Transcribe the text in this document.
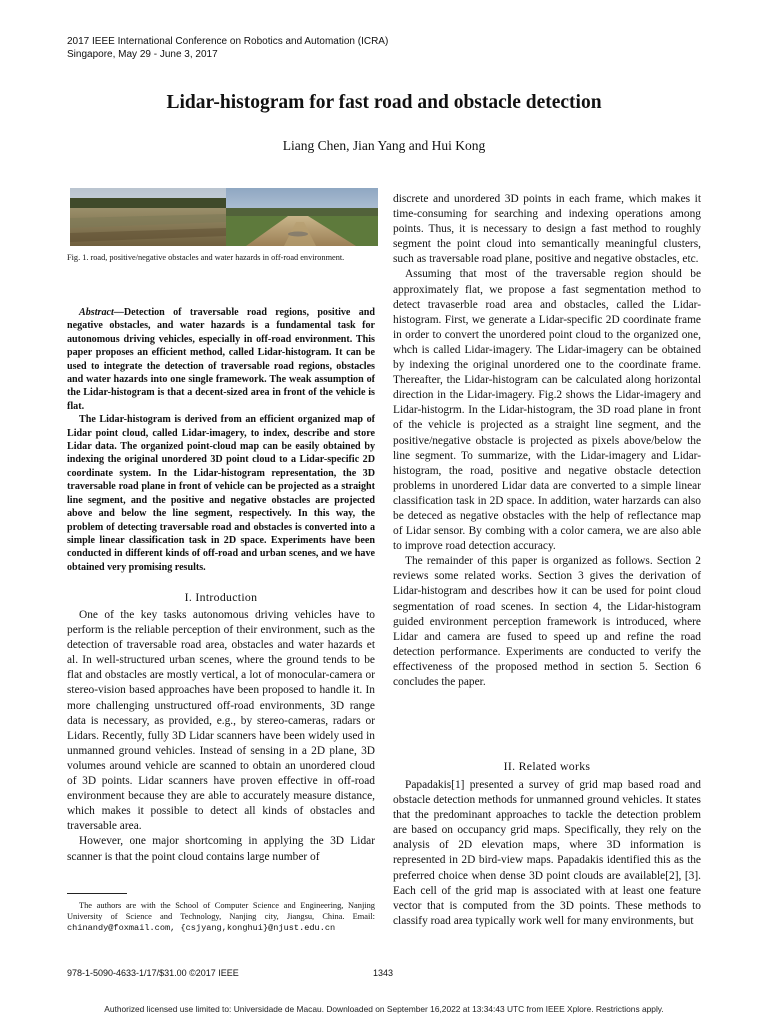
2017 IEEE International Conference on Robotics and Automation (ICRA)
Singapore, May 29 - June 3, 2017
Lidar-histogram for fast road and obstacle detection
Liang Chen, Jian Yang and Hui Kong
Fig. 1. road, positive/negative obstacles and water hazards in off-road environment.

Abstract—Detection of traversable road regions, positive and negative obstacles, and water hazards is a fundamental task for autonomous driving vehicles, especially in off-road environment. This paper proposes an efficient method, called Lidar-histogram. It can be used to integrate the detection of traversable road regions, obstacles and water hazards into one single framework. The weak assumption of the Lidar-histogram is that a decent-sized area in front of the vehicle is flat.

The Lidar-histogram is derived from an efficient organized map of Lidar point cloud, called Lidar-imagery, to index, describe and store Lidar data. The organized point-cloud map can be easily obtained by indexing the original unordered 3D point cloud to a Lidar-specific 2D coordinate system. In the Lidar-histogram representation, the 3D traversable road plane in front of vehicle can be projected as a straight line segment, and the positive and negative obstacles are projected above and below the line segment, respectively. In this way, the problem of detecting traversable road and obstacles is converted into a simple linear classification task in 2D space. Experiments have been conducted in different kinds of off-road and urban scenes, and we have obtained very promising results.

I. Introduction

One of the key tasks autonomous driving vehicles have to perform is the reliable perception of their environment, such as the detection of traversable road area, obstacles and water hazards et al. In well-structured urban scenes, where the ground tends to be flat and obstacles are mostly vertical, a lot of monocular-camera or stereo-vision based approaches have been proposed to handle it. In more challenging unstructured off-road environments, 3D range data is necessary, as provided, e.g., by stereo-cameras, radars or Lidars. Recently, fully 3D Lidar scanners have been widely used in unmanned ground vehicles. Instead of sensing in a 2D plane, 3D volumes around vehicle are scanned to obtain an unordered cloud of 3D points. Lidar scanners have proven effective in off-road environment because they are able to accurately measure distance, which makes it possible to detect all kinds of obstacles and traversable area.

However, one major shortcoming in applying the 3D Lidar scanner is that the point cloud contains large number of

The authors are with the School of Computer Science and Engineering, Nanjing University of Science and Technology, Nanjing city, Jiangsu, China. Email: chinandy@foxmail.com, {csjyang,konghui}@njust.edu.cn

discrete and unordered 3D points in each frame, which makes it time-consuming for searching and indexing operations among points. Thus, it is necessary to design a fast method to roughly segment the point cloud into semantically meaningful clusters, such as traversable road plane, positive and negative obstacles, etc.

Assuming that most of the traversable region should be approximately flat, we propose a fast segmentation method to detect travaserble road area and obstacles, called the Lidar-histogram. First, we generate a Lidar-specific 2D coordinate frame in order to convert the unordered point cloud to the organized one, whch is called Lidar-imagery. The Lidar-imagery can be obtained by indexing the original unordered one to the coordinate frame. Thereafter, the Lidar-histogram can be calculated along horizontal direction in the Lidar-imagery. Fig.2 shows the Lidar-imagery and Lidar-histogrm. In the Lidar-histogram, the 3D road plane in front of the vehicle is projected as a straight line segment, and the positive/negative obstacle is projected as pixels above/below the line segment. To summarize, with the Lidar-imagery and Lidar-histogram, the road, positive and negative obstacle detection problems in unordered Lidar data are converted to a simple linear classification task in 2D space. In addition, water harzards can also be deteced as negative obstacles with the help of reflectance map of Lidar sensor. By combing with a color camera, we are also able to improve road detection accuracy.

The remainder of this paper is organized as follows. Section 2 reviews some related works. Section 3 gives the derivation of Lidar-histogram and describes how it can be used for point cloud segmentation of road scenes. In section 4, the Lidar-histogram guided environment perception framework is introduced, where Lidar and camera are fused to speed up and refine the road detection performance. Experiments are conducted to verify the effectiveness of the proposed method in section 5. Section 6 concludes the paper.

II. Related works

Papadakis[1] presented a survey of grid map based road and obstacle detection methods for unmanned ground vehicles. It states that the predominant approaches to tackle the detection problem are based on occupancy grid maps. Specifically, they rely on the analysis of 2D elevation maps, where 3D information is represented in 2D bird-view maps. Papadakis identified this as the preferred choice when dense 3D point clouds are available[2], [3]. Each cell of the grid map is associated with at least one feature vector that is computed from the 3D points. These methods to classify road area typically work well for many environments, but

978-1-5090-4633-1/17/$31.00 ©2017 IEEE	1343
Authorized licensed use limited to: Universidade de Macau. Downloaded on September 16,2022 at 13:34:43 UTC from IEEE Xplore. Restrictions apply.
